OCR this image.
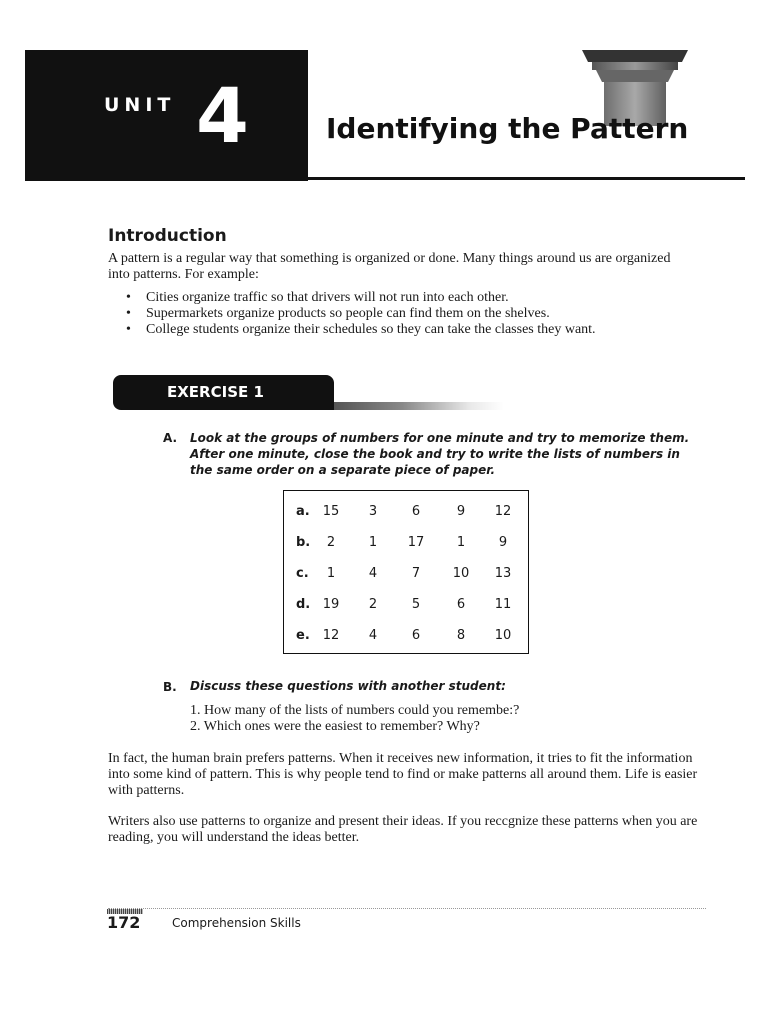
UNIT 4	Identifying the Pattern
Introduction
A pattern is a regular way that something is organized or done. Many things around us are organized into patterns. For example:
• Cities organize traffic so that drivers will not run into each other.
• Supermarkets organize products so people can find them on the shelves.
• College students organize their schedules so they can take the classes they want.
EXERCISE 1
A. Look at the groups of numbers for one minute and try to memorize them. After one minute, close the book and try to write the lists of numbers in the same order on a separate piece of paper.
a.	15	3	6	9	12
b.	2	1	17	1	9
c.	1	4	7	10	13
d. 19	2	5	6	11
e. 12	4	6	8	10
B. Discuss these questions with another student:
1. How many of the lists of numbers could you remembe:?
2. Which ones were the easiest to remember? Why?
In fact, the human brain prefers patterns. When it receives new information, it tries to fit the information into some kind of pattern. This is why people tend to find or make patterns all around them. Life is easier with patterns.
Writers also use patterns to organize and present their ideas. If you reccgnize these patterns when you are reading, you will understand the ideas better.
172	Comprehension Skills
